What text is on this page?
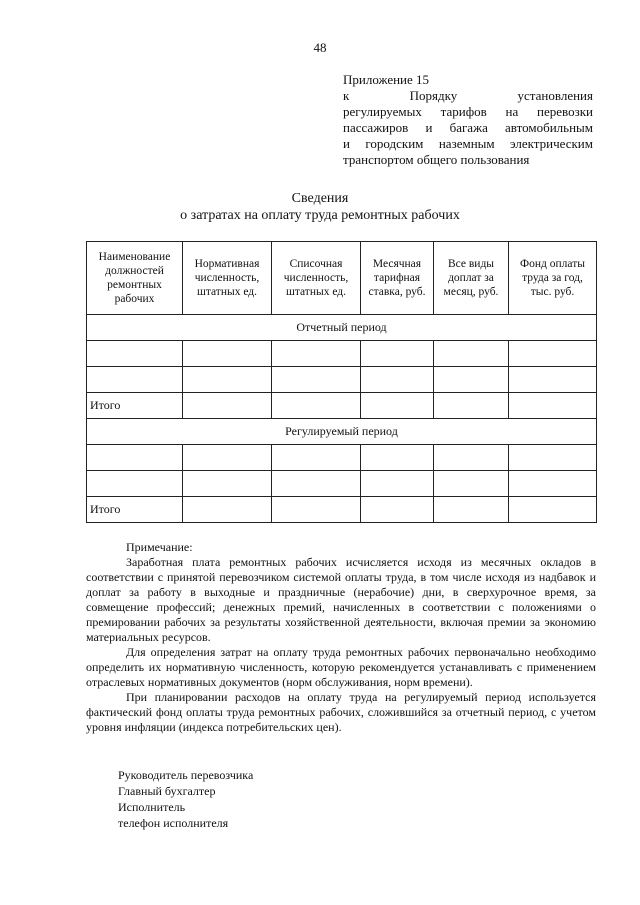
48
Приложение 15
к Порядку установления
регулируемых тарифов на перевозки
пассажиров и багажа автомобильным
и городским наземным электрическим
транспортом общего пользования
Сведения
о затратах на оплату труда ремонтных рабочих
Наименование должностей ремонтных рабочих	Нормативная численность, штатных ед.	Списочная численность, штатных ед.	Месячная тарифная ставка, руб.	Все виды доплат за месяц, руб.	Фонд оплаты труда за год, тыс. руб.
Отчетный период					

Итого					
Регулируемый период					

Итого					
Примечание:

Заработная плата ремонтных рабочих исчисляется исходя из месячных окладов в соответствии с принятой перевозчиком системой оплаты труда, в том числе исходя из надбавок и доплат за работу в выходные и праздничные (нерабочие) дни, в сверхурочное время, за совмещение профессий; денежных премий, начисленных в соответствии с положениями о премировании рабочих за результаты хозяйственной деятельности, включая премии за экономию материальных ресурсов.

Для определения затрат на оплату труда ремонтных рабочих первоначально необходимо определить их нормативную численность, которую рекомендуется устанавливать с применением отраслевых нормативных документов (норм обслуживания, норм времени).

При планировании расходов на оплату труда на регулируемый период используется фактический фонд оплаты труда ремонтных рабочих, сложившийся за отчетный период, с учетом уровня инфляции (индекса потребительских цен).

Руководитель перевозчика
Главный бухгалтер
Исполнитель
телефон исполнителя
